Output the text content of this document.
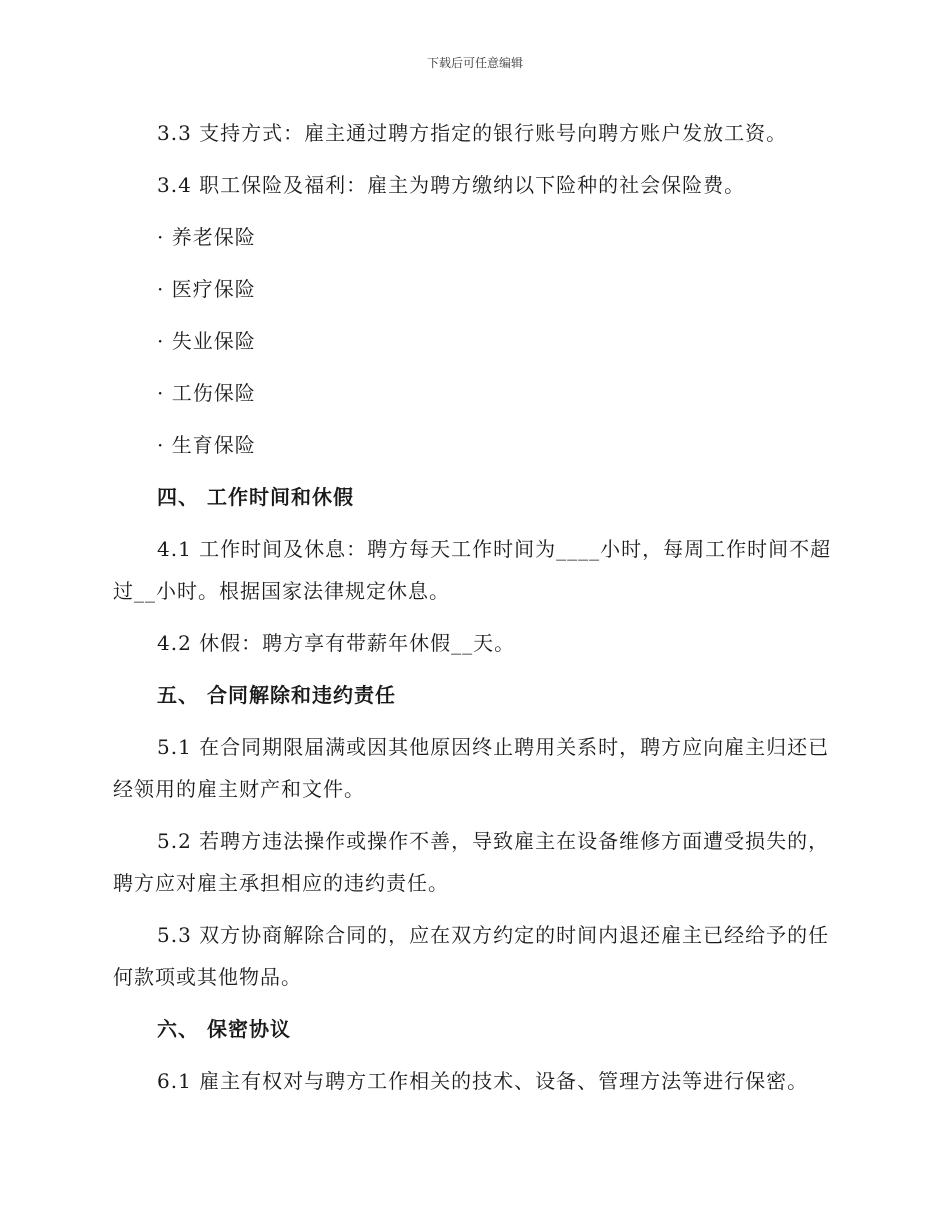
下载后可任意编辑

3.3 支持方式：雇主通过聘方指定的银行账号向聘方账户发放工资。

3.4 职工保险及福利：雇主为聘方缴纳以下险种的社会保险费。

· 养老保险

· 医疗保险

· 失业保险

· 工伤保险

· 生育保险

四、 工作时间和休假

4.1 工作时间及休息：聘方每天工作时间为____小时，每周工作时间不超过__小时。根据国家法律规定休息。

4.2 休假：聘方享有带薪年休假__天。

五、 合同解除和违约责任

5.1 在合同期限届满或因其他原因终止聘用关系时，聘方应向雇主归还已经领用的雇主财产和文件。

5.2 若聘方违法操作或操作不善，导致雇主在设备维修方面遭受损失的，聘方应对雇主承担相应的违约责任。

5.3 双方协商解除合同的，应在双方约定的时间内退还雇主已经给予的任何款项或其他物品。

六、 保密协议

6.1 雇主有权对与聘方工作相关的技术、设备、管理方法等进行保密。
